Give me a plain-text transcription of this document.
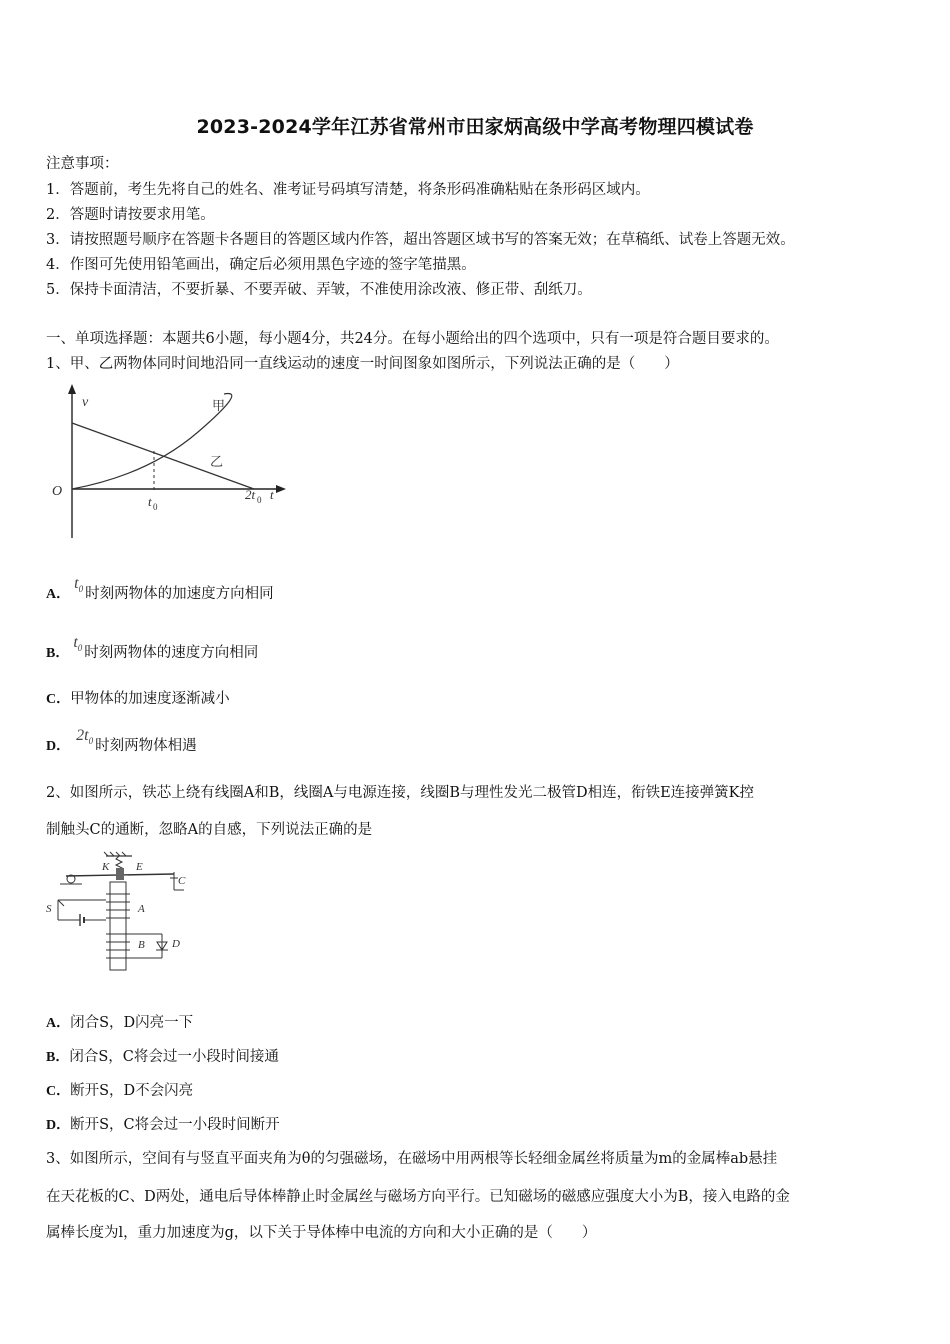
2023-2024学年江苏省常州市田家炳高级中学高考物理四模试卷
注意事项：
1．答题前，考生先将自己的姓名、准考证号码填写清楚，将条形码准确粘贴在条形码区域内。
2．答题时请按要求用笔。
3．请按照题号顺序在答题卡各题目的答题区域内作答，超出答题区域书写的答案无效；在草稿纸、试卷上答题无效。
4．作图可先使用铅笔画出，确定后必须用黑色字迹的签字笔描黑。
5．保持卡面清洁，不要折暴、不要弄破、弄皱，不准使用涂改液、修正带、刮纸刀。
一、单项选择题：本题共6小题，每小题4分，共24分。在每小题给出的四个选项中，只有一项是符合题目要求的。
1、甲、乙两物体同时间地沿同一直线运动的速度一时间图象如图所示，下列说法正确的是（　　）
v
O
甲
乙
t 0
2t 0 t
A．$t_0$ 时刻两物体的加速度方向相同
B．$t_0$ 时刻两物体的速度方向相同
C．甲物体的加速度逐渐减小
D．$2t_0$ 时刻两物体相遇
2、如图所示，铁芯上绕有线圈A和B，线圈A与电源连接，线圈B与理性发光二极管D相连，衔铁E连接弹簧K控
制触头C的通断，忽略A的自感，下列说法正确的是
K E
C
S	A
B D
A．闭合S，D闪亮一下
B．闭合S，C将会过一小段时间接通
C．断开S，D不会闪亮
D．断开S，C将会过一小段时间断开
3、如图所示，空间有与竖直平面夹角为θ的匀强磁场，在磁场中用两根等长轻细金属丝将质量为m的金属棒ab悬挂
在天花板的C、D两处，通电后导体棒静止时金属丝与磁场方向平行。已知磁场的磁感应强度大小为B，接入电路的金
属棒长度为l，重力加速度为g，以下关于导体棒中电流的方向和大小正确的是（　　）
